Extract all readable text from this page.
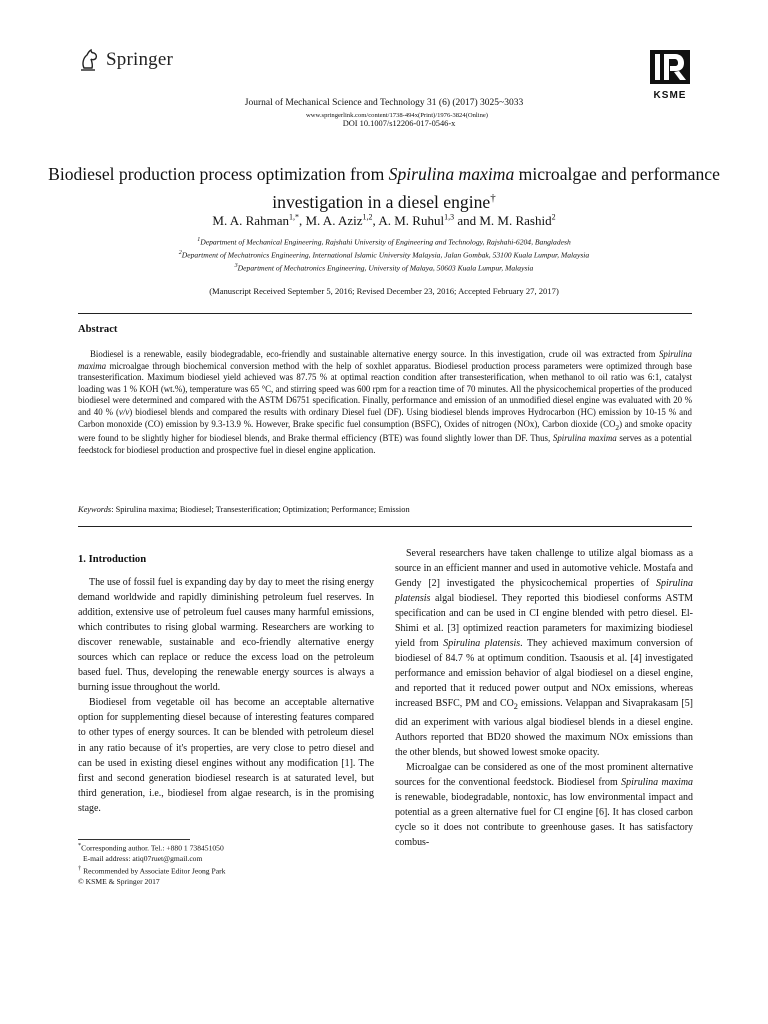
Springer
KSME
Journal of Mechanical Science and Technology 31 (6) (2017) 3025~3033
www.springerlink.com/content/1738-494x(Print)/1976-3824(Online)
DOI 10.1007/s12206-017-0546-x
Biodiesel production process optimization from Spirulina maxima microalgae and performance investigation in a diesel engine†
M. A. Rahman$^{1,*}$, M. A. Aziz$^{1,2}$, A. M. Ruhul$^{1,3}$ and M. M. Rashid$^2$
$^1$Department of Mechanical Engineering, Rajshahi University of Engineering and Technology, Rajshahi-6204, Bangladesh
$^2$Department of Mechatronics Engineering, International Islamic University Malaysia, Jalan Gombak, 53100 Kuala Lumpur, Malaysia
$^3$Department of Mechatronics Engineering, University of Malaya, 50603 Kuala Lumpur, Malaysia
(Manuscript Received September 5, 2016; Revised December 23, 2016; Accepted February 27, 2017)
Abstract
Biodiesel is a renewable, easily biodegradable, eco-friendly and sustainable alternative energy source. In this investigation, crude oil was extracted from Spirulina maxima microalgae through biochemical conversion method with the help of soxhlet apparatus. Biodiesel production process parameters were optimized through base transesterification. Maximum biodiesel yield achieved was 87.75 % at optimal reaction condition after transesterification, when methanol to oil ratio was 6:1, catalyst loading was 1 % KOH (wt.%), temperature was 65 °C, and stirring speed was 600 rpm for a reaction time of 70 minutes. All the physicochemical properties of the produced biodiesel were determined and compared with the ASTM D6751 specification. Finally, performance and emission of an unmodified diesel engine was evaluated with 20 % and 40 % (v/v) biodiesel blends and compared the results with ordinary Diesel fuel (DF). Using biodiesel blends improves Hydrocarbon (HC) emission by 10-15 % and Carbon monoxide (CO) emission by 9.3-13.9 %. However, Brake specific fuel consumption (BSFC), Oxides of nitrogen (NOx), Carbon dioxide $(CO_2)$ and smoke opacity were found to be slightly higher for biodiesel blends, and Brake thermal efficiency (BTE) was found slightly lower than DF. Thus, Spirulina maxima serves as a potential feedstock for biodiesel production and prospective fuel in diesel engine application.
Keywords: Spirulina maxima; Biodiesel; Transesterification; Optimization; Performance; Emission
1. Introduction

The use of fossil fuel is expanding day by day to meet the rising energy demand worldwide and rapidly diminishing petroleum fuel reserves. In addition, extensive use of petroleum fuel causes many harmful emissions, which contributes to rising global warming. Researchers are working to discover renewable, sustainable and eco-friendly alternative energy sources which can replace or reduce the excess load on the petroleum based fuel. Thus, developing the renewable energy sources is always a burning issue throughout the world.

Biodiesel from vegetable oil has become an acceptable alternative option for supplementing diesel because of interesting features compared to other types of energy sources. It can be blended with petroleum diesel in any ratio because of it's properties, are very close to petro diesel and can be used in existing diesel engines without any modification [1]. The first and second generation biodiesel research is at saturated level, but third generation, i.e., biodiesel from algae research, is in the promising stage.

Several researchers have taken challenge to utilize algal biomass as a source in an efficient manner and used in automotive vehicle. Mostafa and Gendy [2] investigated the physicochemical properties of Spirulina platensis algal biodiesel. They reported this biodiesel conforms ASTM specification and can be used in CI engine blended with petro diesel. El-Shimi et al. [3] optimized reaction parameters for maximizing biodiesel yield from Spirulina platensis. They achieved maximum conversion of biodiesel of 84.7 % at optimum condition. Tsaousis et al. [4] investigated performance and emission behavior of algal biodiesel on a diesel engine, and reported that it reduced power output and NOx emissions, whereas increased BSFC, PM and $CO_2$ emissions. Velappan and Sivaprakasam [5] did an experiment with various algal biodiesel blends in a diesel engine. Authors reported that BD20 showed the maximum NOx emissions than the other blends, but showed lowest smoke opacity.

Microalgae can be considered as one of the most prominent alternative sources for the conventional feedstock. Biodiesel from Spirulina maxima is renewable, biodegradable, nontoxic, has low environmental impact and potential as a green alternative fuel for CI engine [6]. It has closed carbon cycle so it does not contribute to greenhouse gases. It has satisfactory combus-

*Corresponding author. Tel.: +880 1 738451050
E-mail address: atiq07ruet@gmail.com
† Recommended by Associate Editor Jeong Park
© KSME & Springer 2017
